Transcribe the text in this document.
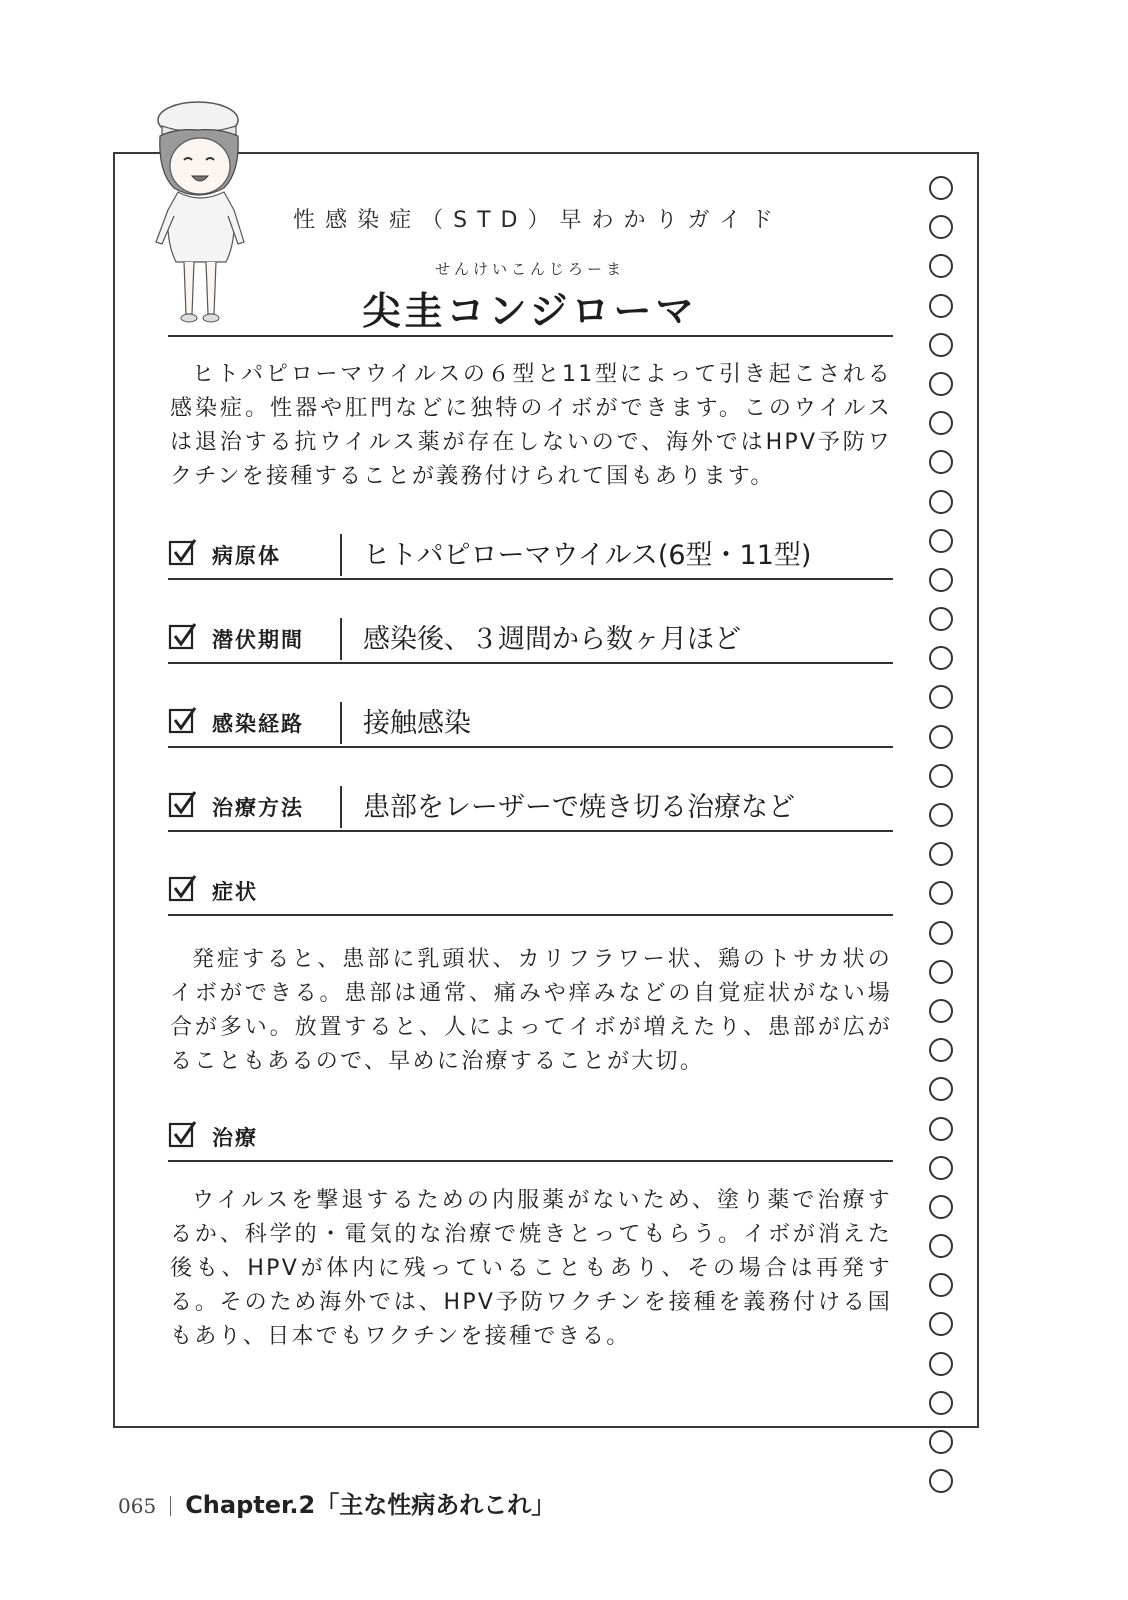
性感染症（STD）早わかりガイド
せんけいこんじろーま
尖圭コンジローマ
ヒトパピローマウイルスの６型と11型によって引き起こされる感染症。性器や肛門などに独特のイボができます。このウイルスは退治する抗ウイルス薬が存在しないので、海外ではHPV予防ワクチンを接種することが義務付けられて国もあります。
病原体	ヒトパピローマウイルス(6型・11型)
潜伏期間 感染後、３週間から数ヶ月ほど
感染経路 接触感染
治療方法 患部をレーザーで焼き切る治療など
症状
発症すると、患部に乳頭状、カリフラワー状、鶏のトサカ状のイボができる。患部は通常、痛みや痒みなどの自覚症状がない場合が多い。放置すると、人によってイボが増えたり、患部が広がることもあるので、早めに治療することが大切。
治療
ウイルスを撃退するための内服薬がないため、塗り薬で治療するか、科学的・電気的な治療で焼きとってもらう。イボが消えた後も、HPVが体内に残っていることもあり、その場合は再発する。そのため海外では、HPV予防ワクチンを接種を義務付ける国もあり、日本でもワクチンを接種できる。
065 Chapter.2「主な性病あれこれ」
